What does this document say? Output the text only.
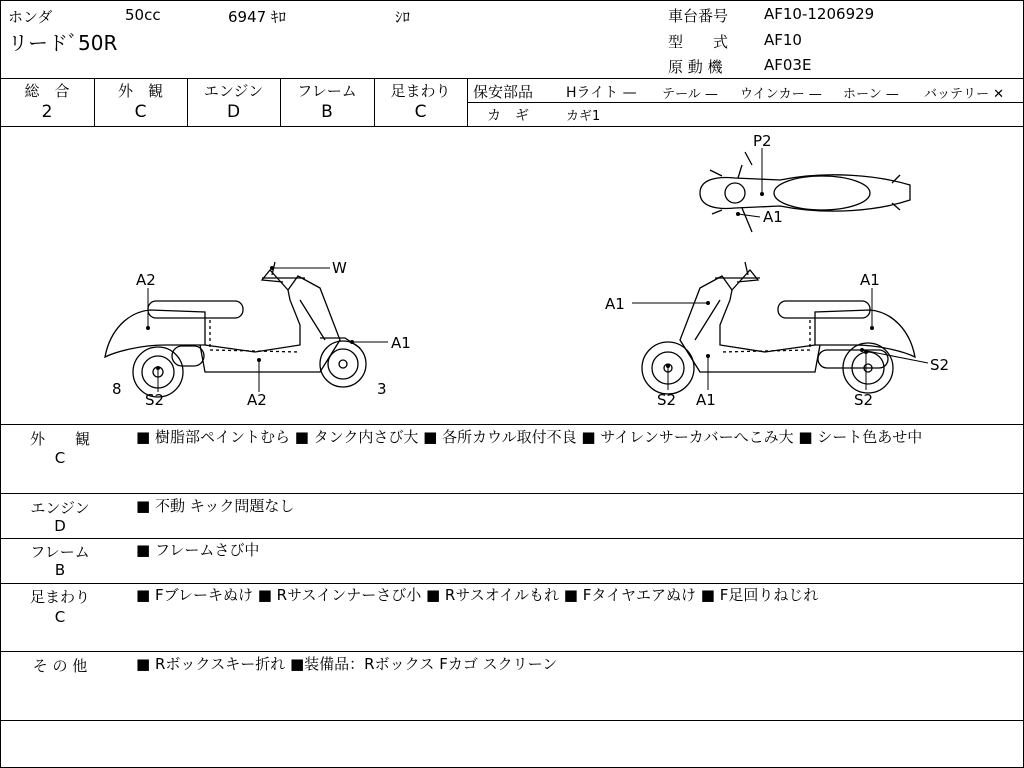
ホンダ	50cc	6947 ｷﾛ	ｼﾛ
リードﾞ50R
車台番号 AF10-1206929
型　　式 AF10
原 動 機	AF03E
総　合
2
外　観
C
エンジン
D
フレーム
B
足まわり
C
保安部品 Hライト — テール — ウインカー — ホーン — バッテリー ✕
カ　ギ	カギ1
A2
W
A1
8
S2	A2
3
P2
A1
A1
A1
S2
S2 A1	S2
外　　観
C
■ 樹脂部ペイントむら ■ タンク内さび大 ■ 各所カウル取付不良 ■ サイレンサーカバーへこみ大 ■ シート色あせ中
エンジン
D
■ 不動 キック問題なし
フレーム
B
■ フレームさび中
足まわり
C
■ Fブレーキぬけ ■ Rサスインナーさび小 ■ Rサスオイルもれ ■ Fタイヤエアぬけ ■ F足回りねじれ
そ の 他	■ Rボックスキー折れ ■装備品：Rボックス Fカゴ スクリーン
